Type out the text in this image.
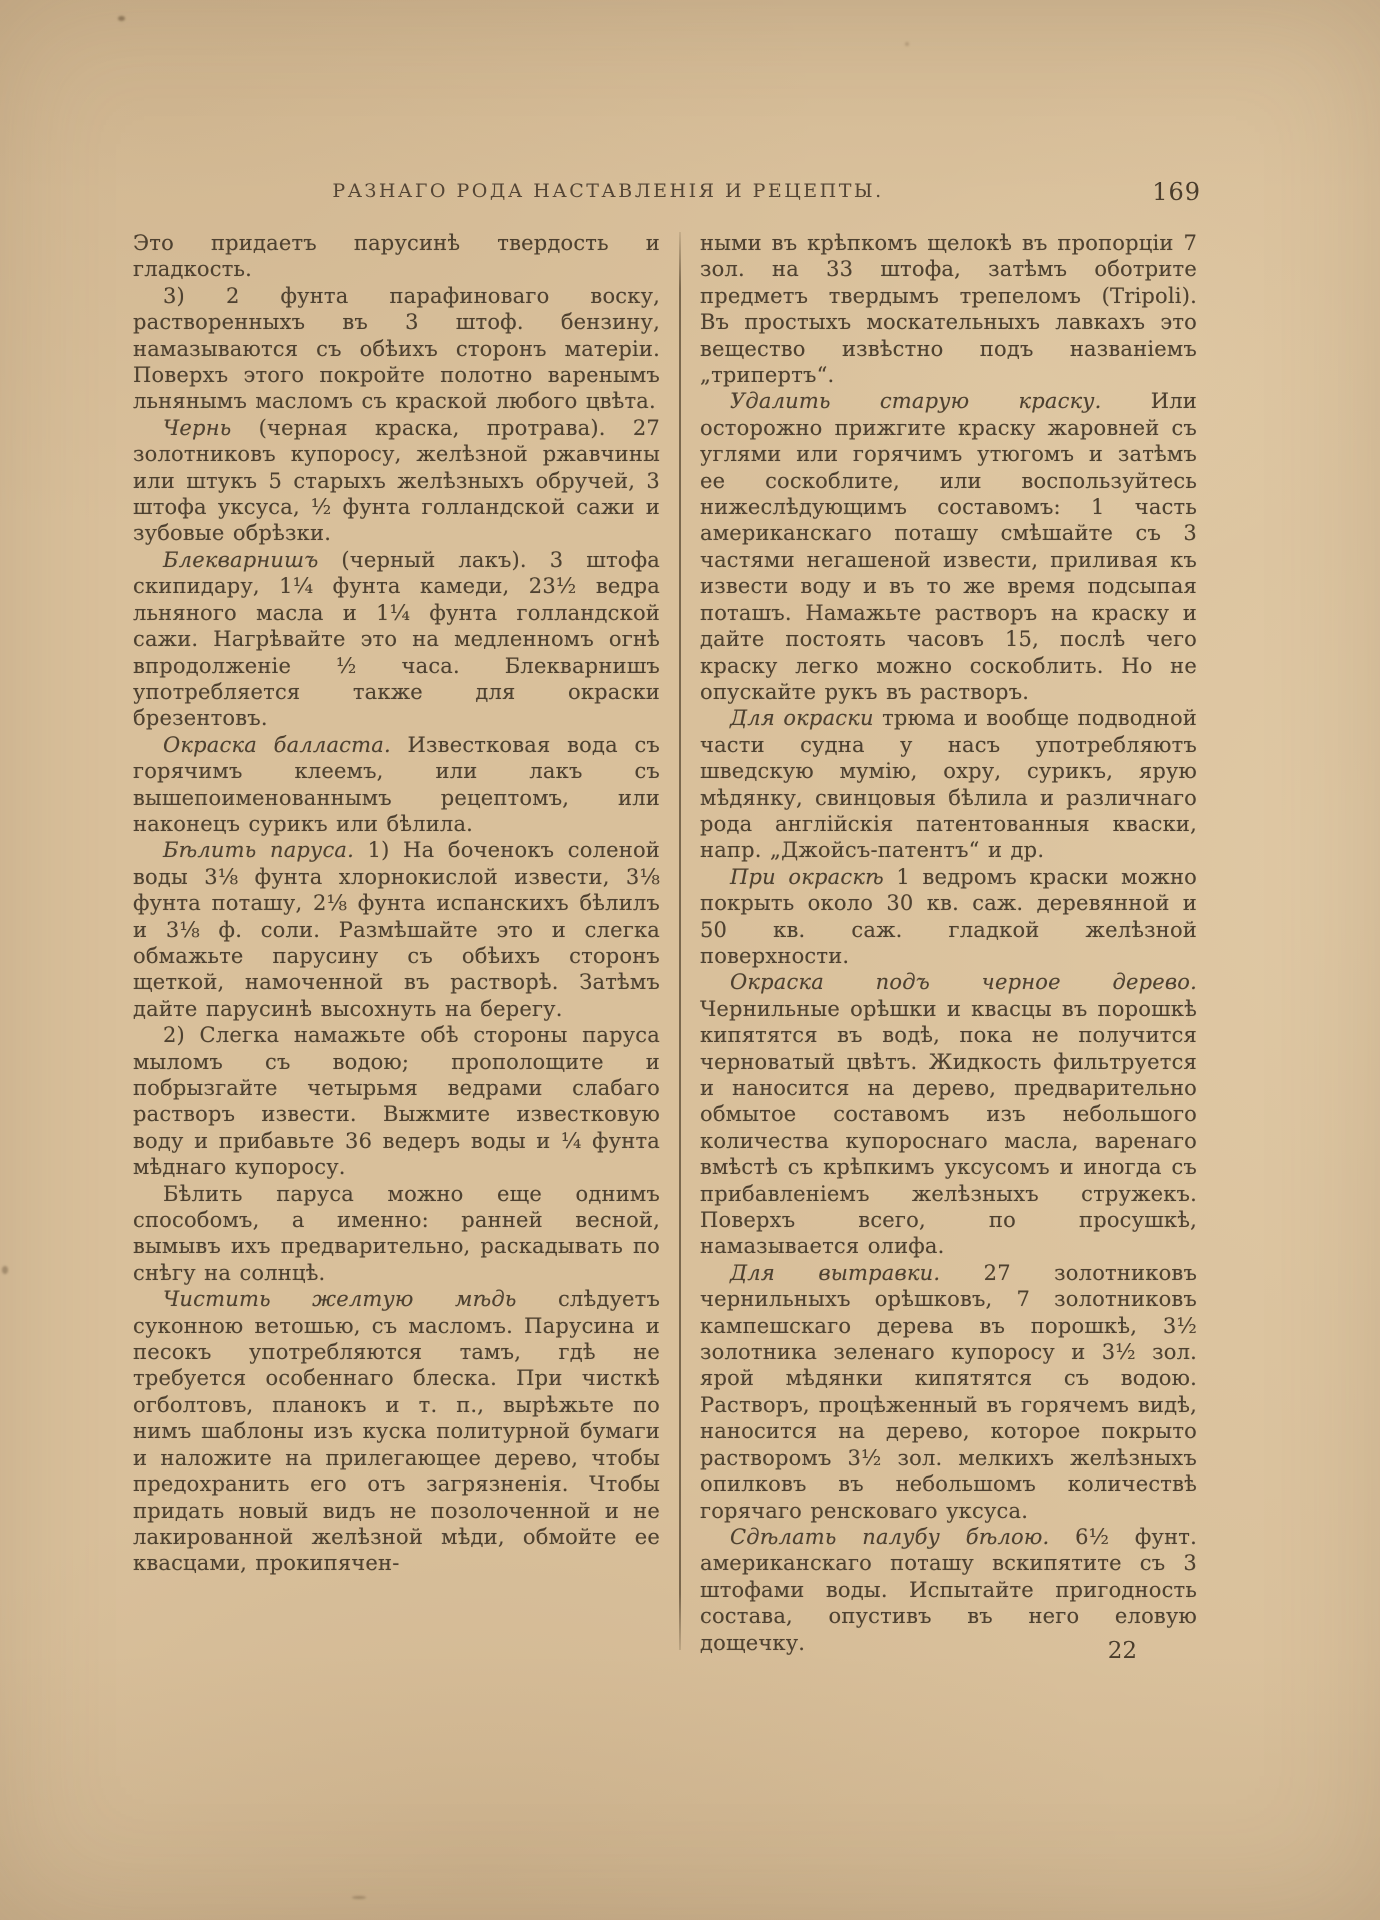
РАЗНАГО РОДА НАСТАВЛЕНІЯ И РЕЦЕПТЫ.	169

Это придаетъ парусинѣ твердость и гладкость.

3) 2 фунта парафиноваго воску, растворенныхъ въ 3 штоф. бензину, намазываются съ обѣихъ сторонъ матеріи. Поверхъ этого покройте полотно варенымъ льнянымъ масломъ съ краской любого цвѣта.

Чернь (черная краска, протрава). 27 золотниковъ купоросу, желѣзной ржавчины или штукъ 5 старыхъ желѣзныхъ обручей, 3 штофа уксуса, ½ фунта голландской сажи и зубовые обрѣзки.

Блекварнишъ (черный лакъ). 3 штофа скипидару, 1¼ фунта камеди, 23½ ведра льняного масла и 1¼ фунта голландской сажи. Нагрѣвайте это на медленномъ огнѣ впродолженіе ½ часа. Блекварнишъ употребляется также для окраски брезентовъ.

Окраска балласта. Известковая вода съ горячимъ клеемъ, или лакъ съ вышепоименованнымъ рецептомъ, или наконецъ сурикъ или бѣлила.

Бѣлить паруса. 1) На боченокъ соленой воды 3⅛ фунта хлорнокислой извести, 3⅛ фунта поташу, 2⅛ фунта испанскихъ бѣлилъ и 3⅛ ф. соли. Размѣшайте это и слегка обмажьте парусину съ обѣихъ сторонъ щеткой, намоченной въ растворѣ. Затѣмъ дайте парусинѣ высохнуть на берегу.

2) Слегка намажьте обѣ стороны паруса мыломъ съ водою; прополощите и побрызгайте четырьмя ведрами слабаго растворъ извести. Выжмите известковую воду и прибавьте 36 ведеръ воды и ¼ фунта мѣднаго купоросу.

Бѣлить паруса можно еще однимъ способомъ, а именно: ранней весной, вымывъ ихъ предварительно, раскадывать по снѣгу на солнцѣ.

Чистить желтую мѣдь слѣдуетъ суконною ветошью, съ масломъ. Парусина и песокъ употребляются тамъ, гдѣ не требуется особеннаго блеска. При чисткѣ огболтовъ, планокъ и т. п., вырѣжьте по нимъ шаблоны изъ куска политурной бумаги и наложите на прилегающее дерево, чтобы предохранить его отъ загрязненія. Чтобы придать новый видъ не позолоченной и не лакированной желѣзной мѣди, обмойте ее квасцами, прокипячен-

ными въ крѣпкомъ щелокѣ въ пропорціи 7 зол. на 33 штофа, затѣмъ оботрите предметъ твердымъ трепеломъ (Tripoli). Въ простыхъ москательныхъ лавкахъ это вещество извѣстно подъ названіемъ „трипертъ“.

Удалить старую краску. Или осторожно прижгите краску жаровней съ углями или горячимъ утюгомъ и затѣмъ ее соскоблите, или воспользуйтесь нижеслѣдующимъ составомъ: 1 часть американскаго поташу смѣшайте съ 3 частями негашеной извести, приливая къ извести воду и въ то же время подсыпая поташъ. Намажьте растворъ на краску и дайте постоять часовъ 15, послѣ чего краску легко можно соскоблить. Но не опускайте рукъ въ растворъ.

Для окраски трюма и вообще подводной части судна у насъ употребляютъ шведскую мумію, охру, сурикъ, ярую мѣдянку, свинцовыя бѣлила и различнаго рода англійскія патентованныя кваски, напр. „Джойсъ-патентъ“ и др.

При окраскѣ 1 ведромъ краски можно покрыть около 30 кв. саж. деревянной и 50 кв. саж. гладкой желѣзной поверхности.

Окраска подъ черное дерево. Чернильные орѣшки и квасцы въ порошкѣ кипятятся въ водѣ, пока не получится черноватый цвѣтъ. Жидкость фильтруется и наносится на дерево, предварительно обмытое составомъ изъ небольшого количества купороснаго масла, варенаго вмѣстѣ съ крѣпкимъ уксусомъ и иногда съ прибавленіемъ желѣзныхъ стружекъ. Поверхъ всего, по просушкѣ, намазывается олифа.

Для вытравки. 27 золотниковъ чернильныхъ орѣшковъ, 7 золотниковъ кампешскаго дерева въ порошкѣ, 3½ золотника зеленаго купоросу и 3½ зол. ярой мѣдянки кипятятся съ водою. Растворъ, процѣженный въ горячемъ видѣ, наносится на дерево, которое покрыто растворомъ 3½ зол. мелкихъ желѣзныхъ опилковъ въ небольшомъ количествѣ горячаго ренсковаго уксуса.

Сдѣлать палубу бѣлою. 6½ фунт. американскаго поташу вскипятите съ 3 штофами воды. Испытайте пригодность состава, опустивъ въ него еловую дощечку.	22
